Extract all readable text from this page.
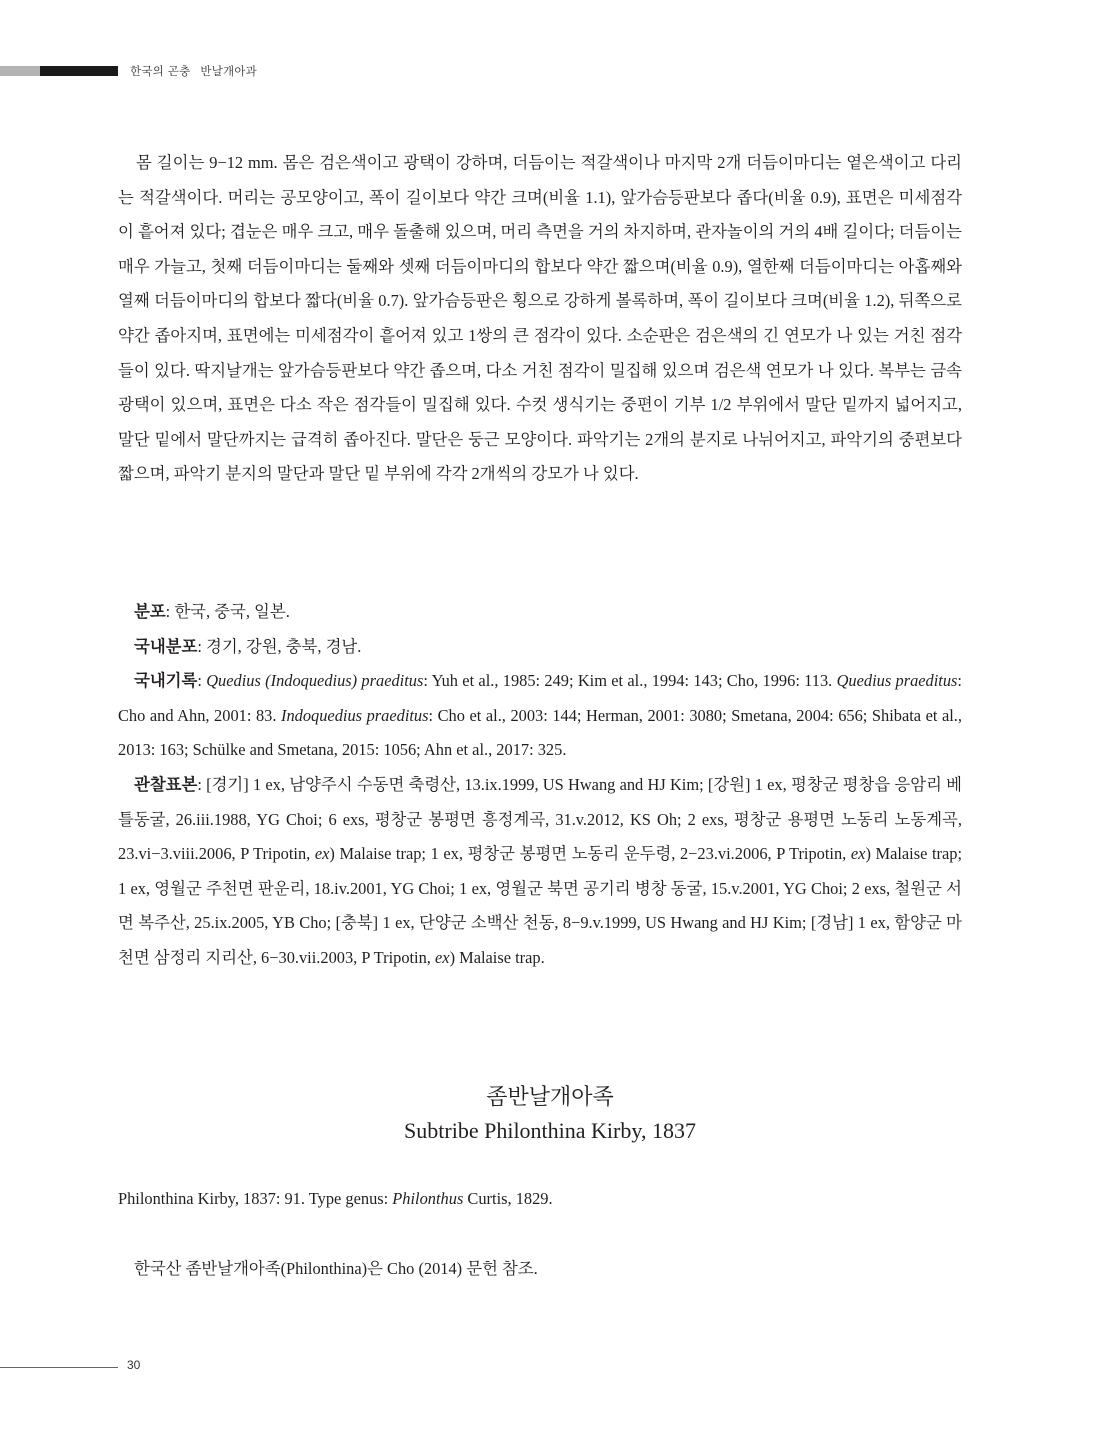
한국의 곤충 반날개아과
몸 길이는 9−12 mm. 몸은 검은색이고 광택이 강하며, 더듬이는 적갈색이나 마지막 2개 더듬이마디는 옅은색이고 다리는 적갈색이다. 머리는 공모양이고, 폭이 길이보다 약간 크며(비율 1.1), 앞가슴등판보다 좁다(비율 0.9), 표면은 미세점각이 흩어져 있다; 겹눈은 매우 크고, 매우 돌출해 있으며, 머리 측면을 거의 차지하며, 관자놀이의 거의 4배 길이다; 더듬이는 매우 가늘고, 첫째 더듬이마디는 둘째와 셋째 더듬이마디의 합보다 약간 짧으며(비율 0.9), 열한째 더듬이마디는 아홉째와 열째 더듬이마디의 합보다 짧다(비율 0.7). 앞가슴등판은 횡으로 강하게 볼록하며, 폭이 길이보다 크며(비율 1.2), 뒤쪽으로 약간 좁아지며, 표면에는 미세점각이 흩어져 있고 1쌍의 큰 점각이 있다. 소순판은 검은색의 긴 연모가 나 있는 거친 점각들이 있다. 딱지날개는 앞가슴등판보다 약간 좁으며, 다소 거친 점각이 밀집해 있으며 검은색 연모가 나 있다. 복부는 금속광택이 있으며, 표면은 다소 작은 점각들이 밀집해 있다. 수컷 생식기는 중편이 기부 1/2 부위에서 말단 밑까지 넓어지고, 말단 밑에서 말단까지는 급격히 좁아진다. 말단은 둥근 모양이다. 파악기는 2개의 분지로 나뉘어지고, 파악기의 중편보다 짧으며, 파악기 분지의 말단과 말단 밑 부위에 각각 2개씩의 강모가 나 있다.

분포: 한국, 중국, 일본.

국내분포: 경기, 강원, 충북, 경남.

국내기록: Quedius (Indoquedius) praeditus: Yuh et al., 1985: 249; Kim et al., 1994: 143; Cho, 1996: 113. Quedius praeditus: Cho and Ahn, 2001: 83. Indoquedius praeditus: Cho et al., 2003: 144; Herman, 2001: 3080; Smetana, 2004: 656; Shibata et al., 2013: 163; Schülke and Smetana, 2015: 1056; Ahn et al., 2017: 325.

관찰표본: [경기] 1 ex, 남양주시 수동면 축령산, 13.ix.1999, US Hwang and HJ Kim; [강원] 1 ex, 평창군 평창읍 응암리 베틀동굴, 26.iii.1988, YG Choi; 6 exs, 평창군 봉평면 흥정계곡, 31.v.2012, KS Oh; 2 exs, 평창군 용평면 노동리 노동계곡, 23.vi−3.viii.2006, P Tripotin, ex) Malaise trap; 1 ex, 평창군 봉평면 노동리 운두령, 2−23.vi.2006, P Tripotin, ex) Malaise trap; 1 ex, 영월군 주천면 판운리, 18.iv.2001, YG Choi; 1 ex, 영월군 북면 공기리 병창 동굴, 15.v.2001, YG Choi; 2 exs, 철원군 서면 복주산, 25.ix.2005, YB Cho; [충북] 1 ex, 단양군 소백산 천동, 8−9.v.1999, US Hwang and HJ Kim; [경남] 1 ex, 함양군 마천면 삼정리 지리산, 6−30.vii.2003, P Tripotin, ex) Malaise trap.

좀반날개아족
Subtribe Philonthina Kirby, 1837
Philonthina Kirby, 1837: 91. Type genus: Philonthus Curtis, 1829.
한국산 좀반날개아족(Philonthina)은 Cho (2014) 문헌 참조.
30
